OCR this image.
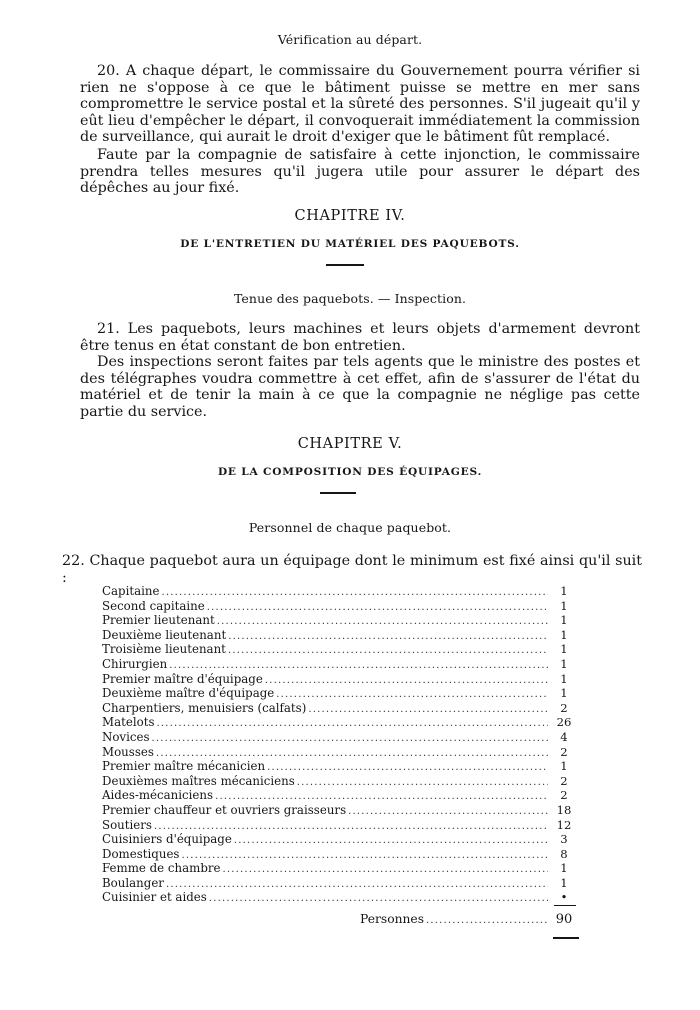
Vérification au départ.

20. A chaque départ, le commissaire du Gouvernement pourra vérifier si rien ne s'oppose à ce que le bâtiment puisse se mettre en mer sans compromettre le service postal et la sûreté des personnes. S'il jugeait qu'il y eût lieu d'empêcher le départ, il convoquerait immédiatement la commission de surveillance, qui aurait le droit d'exiger que le bâtiment fût remplacé.

Faute par la compagnie de satisfaire à cette injonction, le commissaire prendra telles mesures qu'il jugera utile pour assurer le départ des dépêches au jour fixé.

CHAPITRE IV.
DE L'ENTRETIEN DU MATÉRIEL DES PAQUEBOTS.
Tenue des paquebots. — Inspection.

21. Les paquebots, leurs machines et leurs objets d'armement devront être tenus en état constant de bon entretien.

Des inspections seront faites par tels agents que le ministre des postes et des télégraphes voudra commettre à cet effet, afin de s'assurer de l'état du matériel et de tenir la main à ce que la compagnie ne néglige pas cette partie du service.

CHAPITRE V.
DE LA COMPOSITION DES ÉQUIPAGES.
Personnel de chaque paquebot.

22. Chaque paquebot aura un équipage dont le minimum est fixé ainsi qu'il suit :

Capitaine .....	1
Second capitaine .....	1
Premier lieutenant .....	1
Deuxième lieutenant .....	1
Troisième lieutenant .....	1
Chirurgien .....	1
Premier maître d'équipage .....	1
Deuxième maître d'équipage .....	1
Charpentiers, menuisiers (calfats) .....	2
Matelots .....	26
Novices .....	4
Mousses .....	2
Premier maître mécanicien .....	1
Deuxièmes maîtres mécaniciens .....	2
Aides-mécaniciens .....	2
Premier chauffeur et ouvriers graisseurs .....	18
Soutiers .....	12
Cuisiniers d'équipage .....	3
Domestiques .....	8
Femme de chambre .....	1
Boulanger .....	1
Cuisinier et aides .....	•
Personnes .....	90
